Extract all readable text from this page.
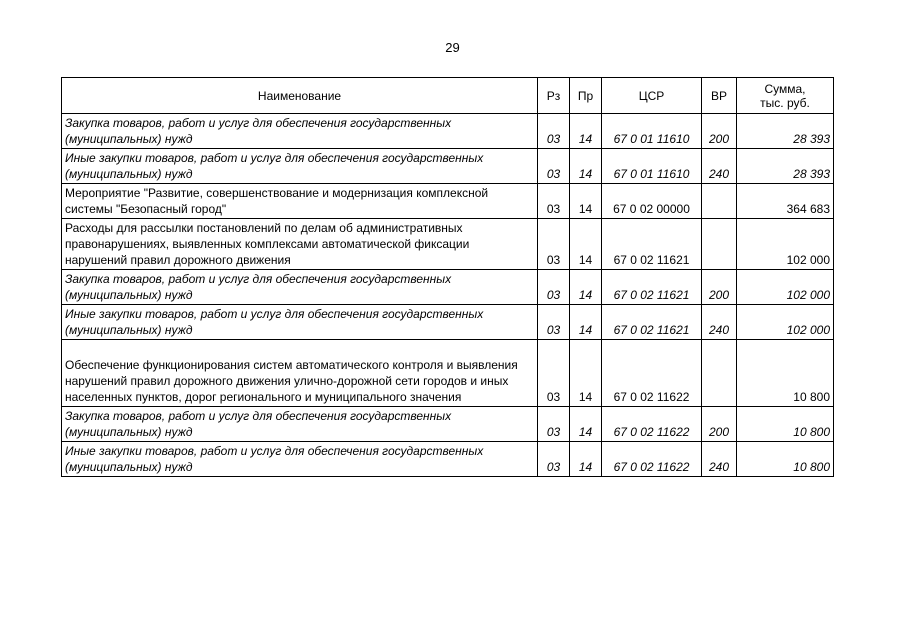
29
Наименование	Рз	Пр	ЦСР	ВР	Сумма,
тыс. руб.
Закупка товаров, работ и услуг для обеспечения государственных (муниципальных) нужд	03	14	67 0 01 11610	200	28 393
Иные закупки товаров, работ и услуг для обеспечения государственных (муниципальных) нужд	03	14	67 0 01 11610	240	28 393
Мероприятие "Развитие, совершенствование и модернизация комплексной системы "Безопасный город"	03	14	67 0 02 00000		364 683
Расходы для рассылки постановлений по делам об административных правонарушениях, выявленных комплексами автоматической фиксации нарушений правил дорожного движения	03	14	67 0 02 11621		102 000
Закупка товаров, работ и услуг для обеспечения государственных (муниципальных) нужд	03	14	67 0 02 11621	200	102 000
Иные закупки товаров, работ и услуг для обеспечения государственных (муниципальных) нужд	03	14	67 0 02 11621	240	102 000
Обеспечение функционирования систем автоматического контроля и выявления нарушений правил дорожного движения улично-дорожной сети городов и иных населенных пунктов, дорог регионального и муниципального значения	03	14	67 0 02 11622		10 800
Закупка товаров, работ и услуг для обеспечения государственных (муниципальных) нужд	03	14	67 0 02 11622	200	10 800
Иные закупки товаров, работ и услуг для обеспечения государственных (муниципальных) нужд	03	14	67 0 02 11622	240	10 800
